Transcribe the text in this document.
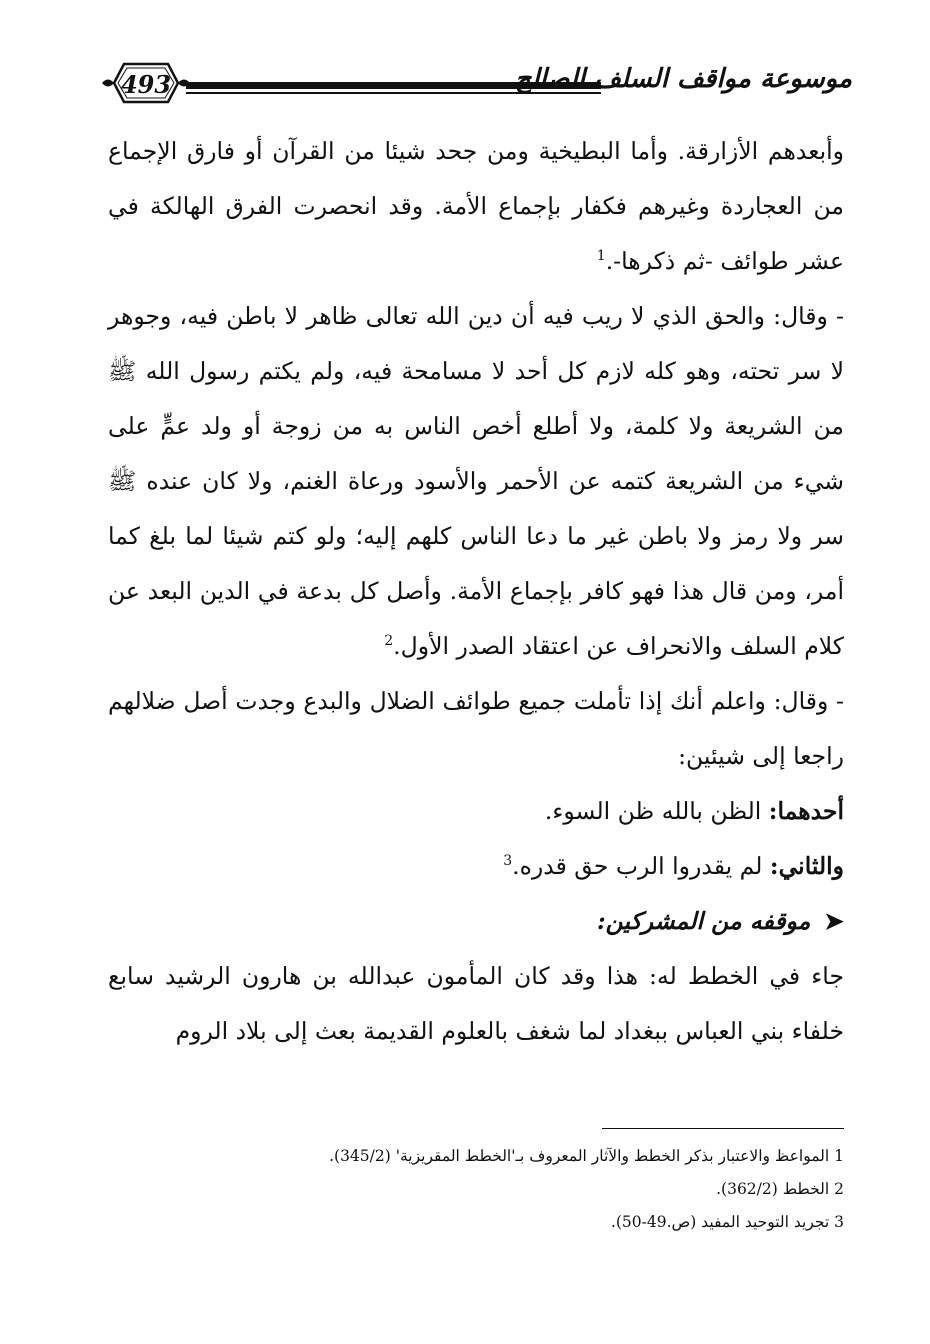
493	موسوعة مواقف السلف الصالح

وأبعدهم الأزارقة. وأما البطيخية ومن جحد شيئا من القرآن أو فارق الإجماع من العجاردة وغيرهم فكفار بإجماع الأمة. وقد انحصرت الفرق الهالكة في عشر طوائف -ثم ذكرها-.$^1$

- وقال: والحق الذي لا ريب فيه أن دين الله تعالى ظاهر لا باطن فيه، وجوهر لا سر تحته، وهو كله لازم كل أحد لا مسامحة فيه، ولم يكتم رسول الله ﷺ من الشريعة ولا كلمة، ولا أطلع أخص الناس به من زوجة أو ولد عمٍّ على شيء من الشريعة كتمه عن الأحمر والأسود ورعاة الغنم، ولا كان عنده ﷺ سر ولا رمز ولا باطن غير ما دعا الناس كلهم إليه؛ ولو كتم شيئا لما بلغ كما أمر، ومن قال هذا فهو كافر بإجماع الأمة. وأصل كل بدعة في الدين البعد عن كلام السلف والانحراف عن اعتقاد الصدر الأول.$^2$

- وقال: واعلم أنك إذا تأملت جميع طوائف الضلال والبدع وجدت أصل ضلالهم راجعا إلى شيئين:

أحدهما: الظن بالله ظن السوء.

والثاني: لم يقدروا الرب حق قدره.$^3$

➤موقفه من المشركين:

جاء في الخطط له: هذا وقد كان المأمون عبدالله بن هارون الرشيد سابع خلفاء بني العباس ببغداد لما شغف بالعلوم القديمة بعث إلى بلاد الروم

1 المواعظ والاعتبار بذكر الخطط والآثار المعروف بـ'الخطط المقريزية' (345/2).

2 الخطط (362/2).

3 تجريد التوحيد المفيد (ص.49-50).
